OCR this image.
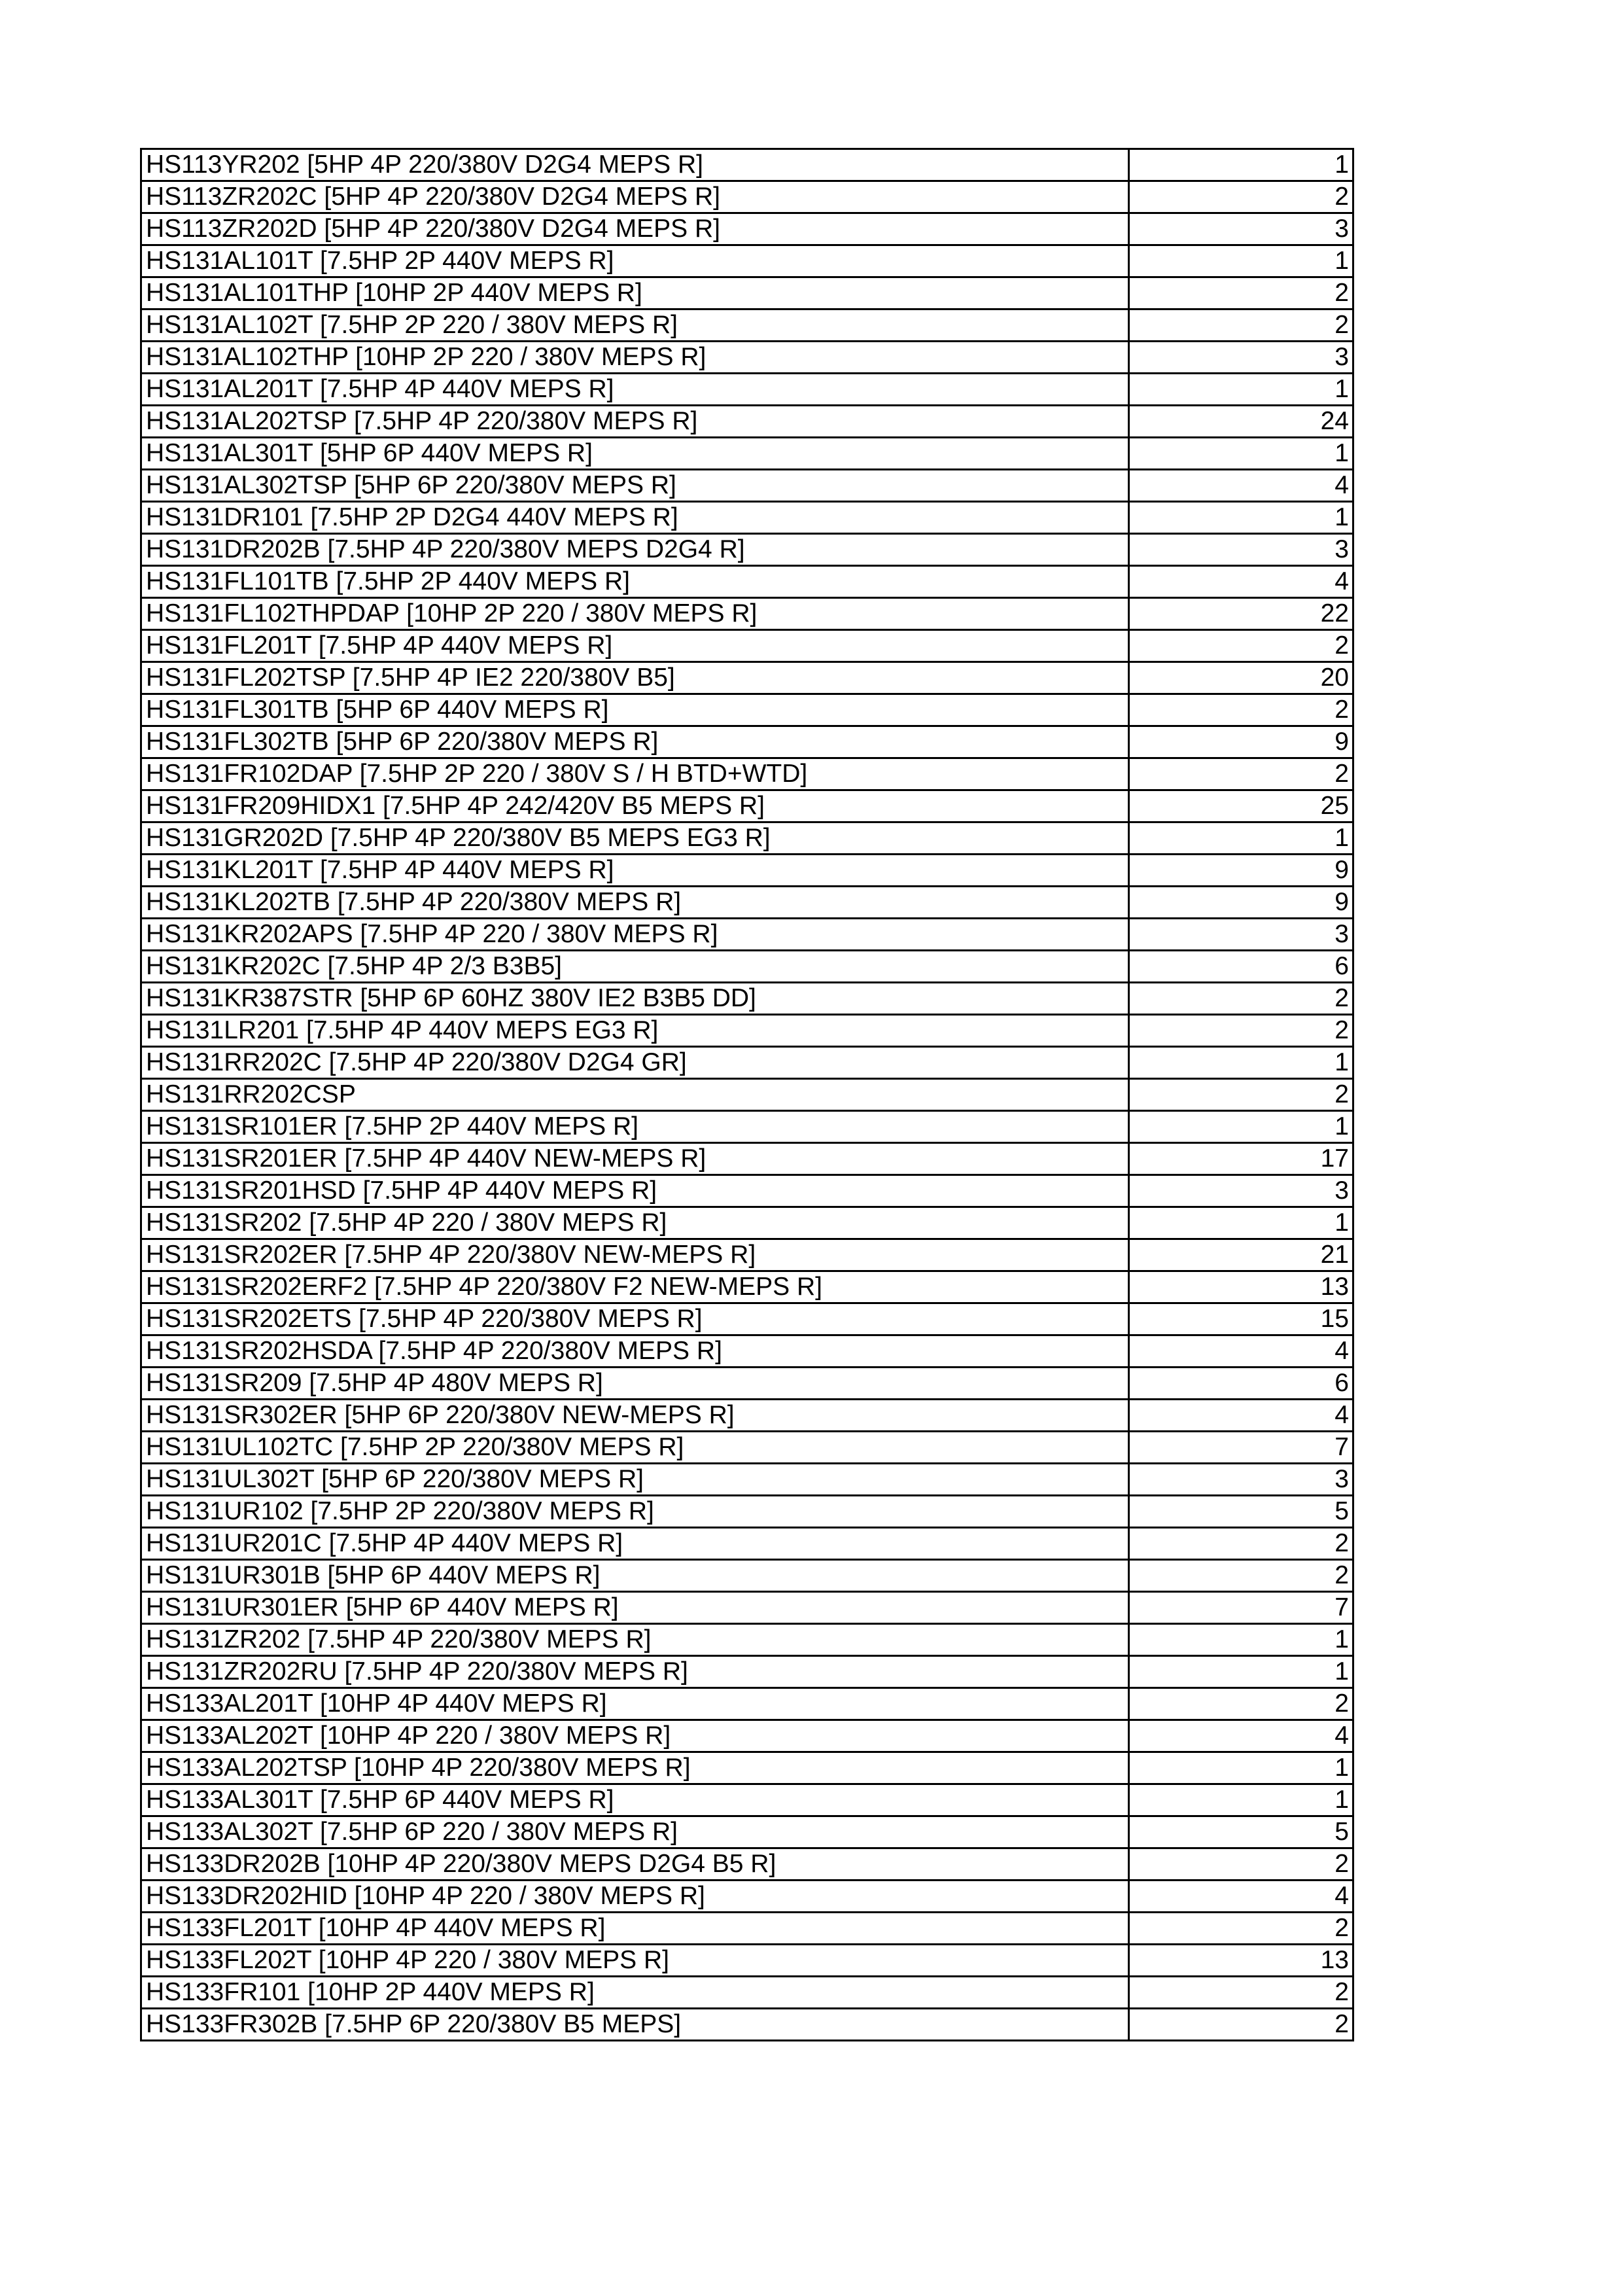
HS113YR202 [5HP 4P 220/380V D2G4 MEPS R]	1
HS113ZR202C [5HP 4P 220/380V D2G4 MEPS R]	2
HS113ZR202D [5HP 4P 220/380V D2G4 MEPS R]	3
HS131AL101T [7.5HP 2P 440V MEPS R]	1
HS131AL101THP [10HP 2P 440V MEPS R]	2
HS131AL102T [7.5HP 2P 220 / 380V MEPS R]	2
HS131AL102THP [10HP 2P 220 / 380V MEPS R]	3
HS131AL201T [7.5HP 4P 440V MEPS R]	1
HS131AL202TSP [7.5HP 4P 220/380V MEPS R]	24
HS131AL301T [5HP 6P 440V MEPS R]	1
HS131AL302TSP [5HP 6P 220/380V MEPS R]	4
HS131DR101 [7.5HP 2P D2G4 440V MEPS R]	1
HS131DR202B [7.5HP 4P 220/380V MEPS D2G4 R]	3
HS131FL101TB [7.5HP 2P 440V MEPS R]	4
HS131FL102THPDAP [10HP 2P 220 / 380V MEPS R]	22
HS131FL201T [7.5HP 4P 440V MEPS R]	2
HS131FL202TSP [7.5HP 4P IE2 220/380V B5]	20
HS131FL301TB [5HP 6P 440V MEPS R]	2
HS131FL302TB [5HP 6P 220/380V MEPS R]	9
HS131FR102DAP [7.5HP 2P 220 / 380V S / H BTD+WTD]	2
HS131FR209HIDX1 [7.5HP 4P 242/420V B5 MEPS R]	25
HS131GR202D [7.5HP 4P 220/380V B5 MEPS EG3 R]	1
HS131KL201T [7.5HP 4P 440V MEPS R]	9
HS131KL202TB [7.5HP 4P 220/380V MEPS R]	9
HS131KR202APS [7.5HP 4P 220 / 380V MEPS R]	3
HS131KR202C [7.5HP 4P 2/3 B3B5]	6
HS131KR387STR [5HP 6P 60HZ 380V IE2 B3B5 DD]	2
HS131LR201 [7.5HP 4P 440V MEPS EG3 R]	2
HS131RR202C [7.5HP 4P 220/380V D2G4 GR]	1
HS131RR202CSP	2
HS131SR101ER [7.5HP 2P 440V MEPS R]	1
HS131SR201ER [7.5HP 4P 440V NEW-MEPS R]	17
HS131SR201HSD [7.5HP 4P 440V MEPS R]	3
HS131SR202 [7.5HP 4P 220 / 380V MEPS R]	1
HS131SR202ER [7.5HP 4P 220/380V NEW-MEPS R]	21
HS131SR202ERF2 [7.5HP 4P 220/380V F2 NEW-MEPS R]	13
HS131SR202ETS [7.5HP 4P 220/380V MEPS R]	15
HS131SR202HSDA [7.5HP 4P 220/380V MEPS R]	4
HS131SR209 [7.5HP 4P 480V MEPS R]	6
HS131SR302ER [5HP 6P 220/380V NEW-MEPS R]	4
HS131UL102TC [7.5HP 2P 220/380V MEPS R]	7
HS131UL302T [5HP 6P 220/380V MEPS R]	3
HS131UR102 [7.5HP 2P 220/380V MEPS R]	5
HS131UR201C [7.5HP 4P 440V MEPS R]	2
HS131UR301B [5HP 6P 440V MEPS R]	2
HS131UR301ER [5HP 6P 440V MEPS R]	7
HS131ZR202 [7.5HP 4P 220/380V MEPS R]	1
HS131ZR202RU [7.5HP 4P 220/380V MEPS R]	1
HS133AL201T [10HP 4P 440V MEPS R]	2
HS133AL202T [10HP 4P 220 / 380V MEPS R]	4
HS133AL202TSP [10HP 4P 220/380V MEPS R]	1
HS133AL301T [7.5HP 6P 440V MEPS R]	1
HS133AL302T [7.5HP 6P 220 / 380V MEPS R]	5
HS133DR202B [10HP 4P 220/380V MEPS D2G4 B5 R]	2
HS133DR202HID [10HP 4P 220 / 380V MEPS R]	4
HS133FL201T [10HP 4P 440V MEPS R]	2
HS133FL202T [10HP 4P 220 / 380V MEPS R]	13
HS133FR101 [10HP 2P 440V MEPS R]	2
HS133FR302B [7.5HP 6P 220/380V B5 MEPS]	2
